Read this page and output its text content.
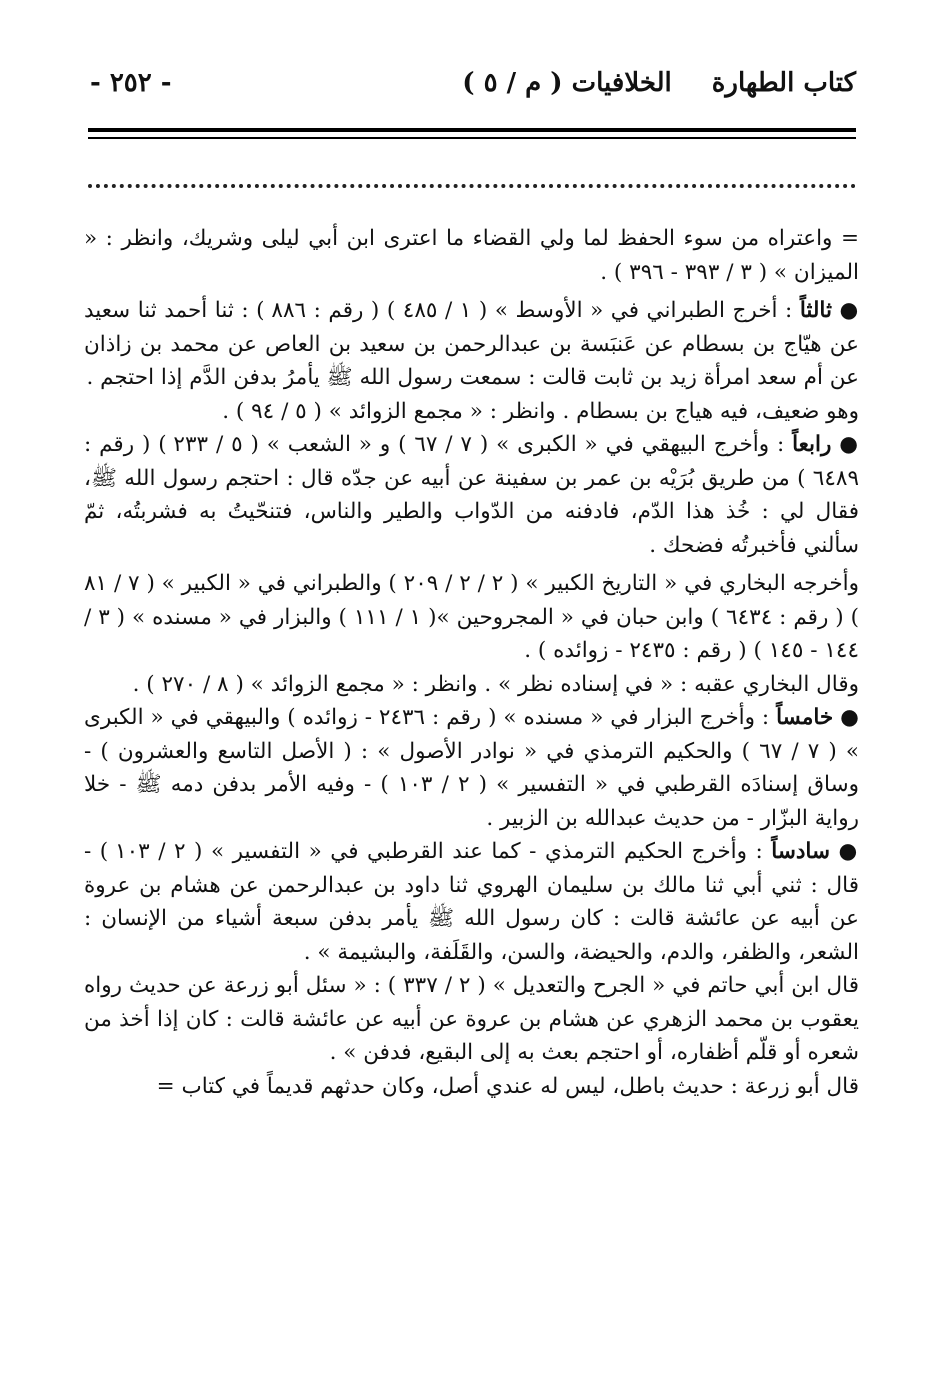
- ٢٥٢ -	كتاب الطهارة
الخلافيات ( م / ٥ )

= واعتراه من سوء الحفظ لما ولي القضاء ما اعترى ابن أبي ليلى وشريك، وانظر : « الميزان » ( ٣ / ٣٩٣ - ٣٩٦ ) .

● ثالثاً : أخرج الطبراني في « الأوسط » ( ١ / ٤٨٥ ) ( رقم : ٨٨٦ ) : ثنا أحمد ثنا سعيد عن هيّاج بن بسطام عن عَنبَسة بن عبدالرحمن بن سعيد بن العاص عن محمد بن زاذان عن أم سعد امرأة زيد بن ثابت قالت : سمعت رسول الله ﷺ يأمرُ بدفن الدَّم إذا احتجم .

وهو ضعيف، فيه هياج بن بسطام . وانظر : « مجمع الزوائد » ( ٥ / ٩٤ ) .

● رابعاً : وأخرج البيهقي في « الكبرى » ( ٧ / ٦٧ ) و « الشعب » ( ٥ / ٢٣٣ ) ( رقم : ٦٤٨٩ ) من طريق بُرَيْه بن عمر بن سفينة عن أبيه عن جدّه قال : احتجم رسول الله ﷺ، فقال لي : خُذ هذا الدّم، فادفنه من الدّواب والطير والناس، فتنحّيتُ به فشربتُه، ثمّ سألني فأخبرتُه فضحك .

وأخرجه البخاري في « التاريخ الكبير » ( ٢ / ٢ / ٢٠٩ ) والطبراني في « الكبير » ( ٧ / ٨١ ) ( رقم : ٦٤٣٤ ) وابن حبان في « المجروحين »( ١ / ١١١ ) والبزار في « مسنده » ( ٣ / ١٤٤ - ١٤٥ ) ( رقم : ٢٤٣٥ - زوائده ) .

وقال البخاري عقبه : « في إسناده نظر » . وانظر : « مجمع الزوائد » ( ٨ / ٢٧٠ ) .

● خامساً : وأخرج البزار في « مسنده » ( رقم : ٢٤٣٦ - زوائده ) والبيهقي في « الكبرى » ( ٧ / ٦٧ ) والحكيم الترمذي في « نوادر الأصول » : ( الأصل التاسع والعشرون ) - وساق إسنادَه القرطبي في « التفسير » ( ٢ / ١٠٣ ) - وفيه الأمر بدفن دمه ﷺ - خلا رواية البزّار - من حديث عبدالله بن الزبير .

● سادساً : وأخرج الحكيم الترمذي - كما عند القرطبي في « التفسير » ( ٢ / ١٠٣ ) - قال : ثني أبي ثنا مالك بن سليمان الهروي ثنا داود بن عبدالرحمن عن هشام بن عروة عن أبيه عن عائشة قالت : كان رسول الله ﷺ يأمر بدفن سبعة أشياء من الإنسان : الشعر، والظفر، والدم، والحيضة، والسن، والقَلَفة، والبشيمة » .

قال ابن أبي حاتم في « الجرح والتعديل » ( ٢ / ٣٣٧ ) : « سئل أبو زرعة عن حديث رواه يعقوب بن محمد الزهري عن هشام بن عروة عن أبيه عن عائشة قالت : كان إذا أخذ من شعره أو قلّم أظفاره، أو احتجم بعث به إلى البقيع، فدفن » .

قال أبو زرعة : حديث باطل، ليس له عندي أصل، وكان حدثهم قديماً في كتاب =
